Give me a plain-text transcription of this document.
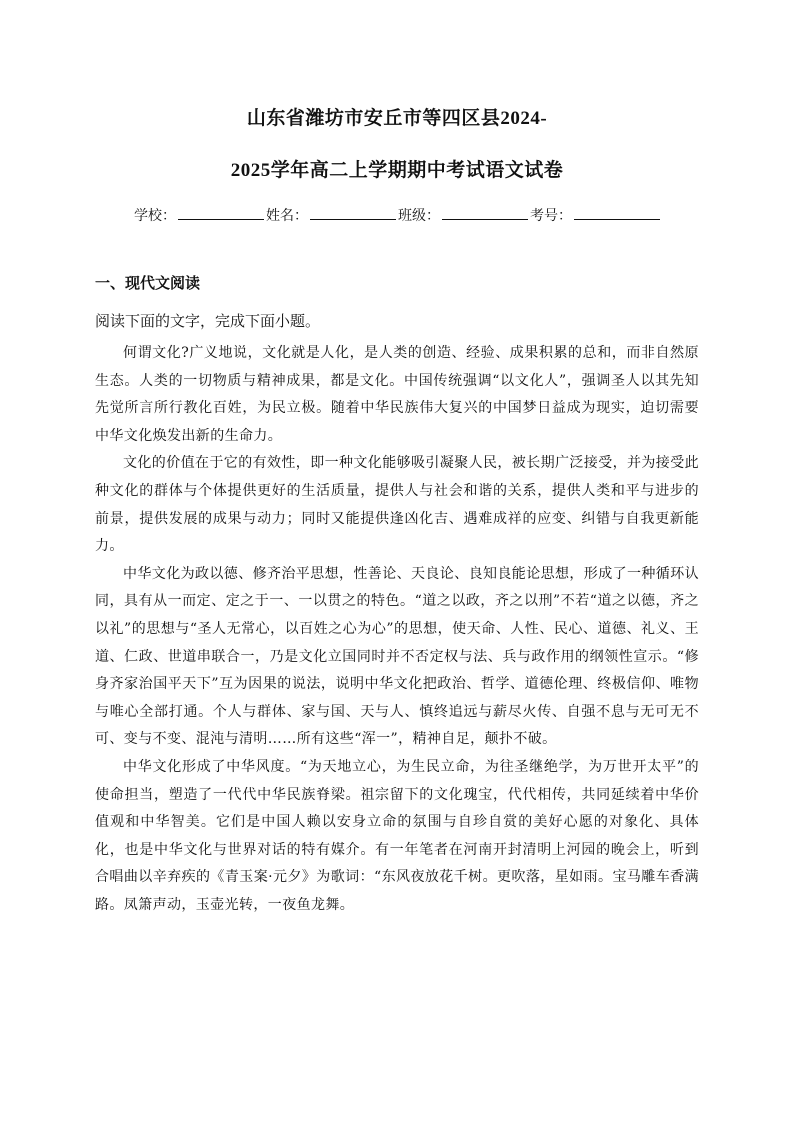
山东省潍坊市安丘市等四区县2024-
2025学年高二上学期期中考试语文试卷
学校：	姓名：	班级：	考号：
一、现代文阅读
阅读下面的文字，完成下面小题。

何谓文化?广义地说，文化就是人化，是人类的创造、经验、成果积累的总和，而非自然原生态。人类的一切物质与精神成果，都是文化。中国传统强调“以文化人”，强调圣人以其先知先觉所言所行教化百姓，为民立极。随着中华民族伟大复兴的中国梦日益成为现实，迫切需要中华文化焕发出新的生命力。

文化的价值在于它的有效性，即一种文化能够吸引凝聚人民，被长期广泛接受，并为接受此种文化的群体与个体提供更好的生活质量，提供人与社会和谐的关系，提供人类和平与进步的前景，提供发展的成果与动力；同时又能提供逢凶化吉、遇难成祥的应变、纠错与自我更新能力。

中华文化为政以德、修齐治平思想，性善论、天良论、良知良能论思想，形成了一种循环认同，具有从一而定、定之于一、一以贯之的特色。“道之以政，齐之以刑”不若“道之以德，齐之以礼”的思想与“圣人无常心，以百姓之心为心”的思想，使天命、人性、民心、道德、礼义、王道、仁政、世道串联合一，乃是文化立国同时并不否定权与法、兵与政作用的纲领性宣示。“修身齐家治国平天下”互为因果的说法，说明中华文化把政治、哲学、道德伦理、终极信仰、唯物与唯心全部打通。个人与群体、家与国、天与人、慎终追远与薪尽火传、自强不息与无可无不可、变与不变、混沌与清明……所有这些“浑一”，精神自足，颠扑不破。

中华文化形成了中华风度。“为天地立心，为生民立命，为往圣继绝学，为万世开太平”的使命担当，塑造了一代代中华民族脊梁。祖宗留下的文化瑰宝，代代相传，共同延续着中华价值观和中华智美。它们是中国人赖以安身立命的氛围与自珍自赏的美好心愿的对象化、具体化，也是中华文化与世界对话的特有媒介。有一年笔者在河南开封清明上河园的晚会上，听到合唱曲以辛弃疾的《青玉案·元夕》为歌词：“东风夜放花千树。更吹落，星如雨。宝马雕车香满路。凤箫声动，玉壶光转，一夜鱼龙舞。
